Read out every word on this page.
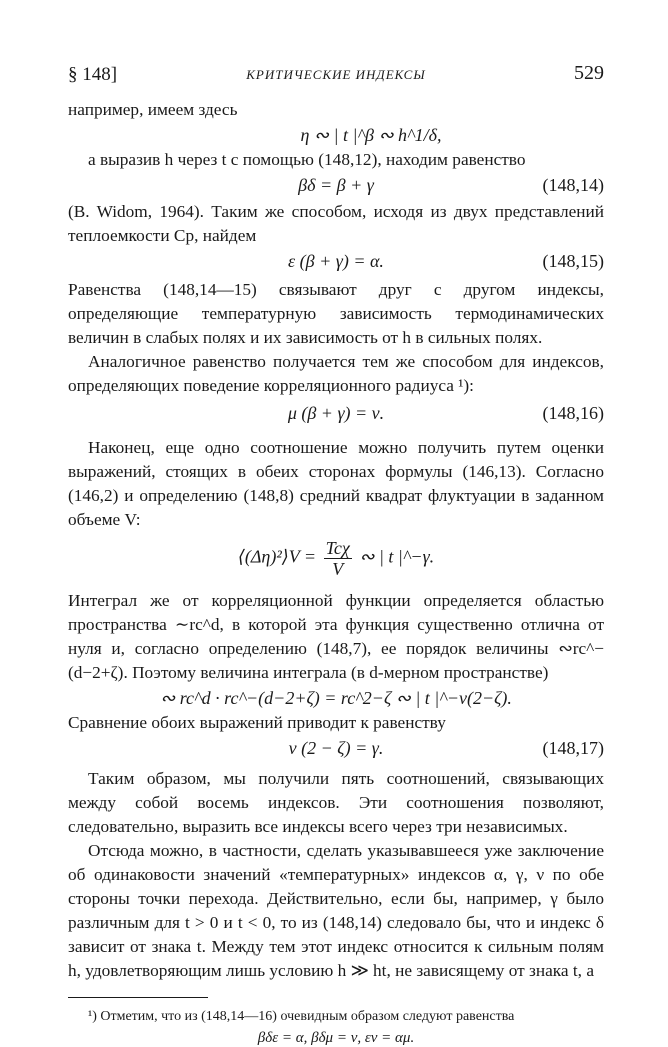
§ 148]	КРИТИЧЕСКИЕ ИНДЕКСЫ	529

например, имеем здесь

η ∾ | t |^β ∾ h^1/δ,

а выразив h через t с помощью (148,12), находим равенство

βδ = β + γ	(148,14)

(B. Widom, 1964). Таким же способом, исходя из двух представлений теплоемкости Cp, найдем

ε (β + γ) = α.	(148,15)

Равенства (148,14—15) связывают друг с другом индексы, определяющие температурную зависимость термодинамических величин в слабых полях и их зависимость от h в сильных полях.

Аналогичное равенство получается тем же способом для индексов, определяющих поведение корреляционного радиуса ¹):

μ (β + γ) = ν.	(148,16)

Наконец, еще одно соотношение можно получить путем оценки выражений, стоящих в обеих сторонах формулы (146,13). Согласно (146,2) и определению (148,8) средний квадрат флуктуации в заданном объеме V:

⟨(Δη)²⟩V = $\frac{\text{Tcχ}}{V}$ ∾ | t |^−γ.

Интеграл же от корреляционной функции определяется областью пространства ∼rc^d, в которой эта функция существенно отлична от нуля и, согласно определению (148,7), ее порядок величины ∾rc^−(d−2+ζ). Поэтому величина интеграла (в d-мерном пространстве)

∾ rc^d · rc^−(d−2+ζ) = rc^2−ζ ∾ | t |^−ν(2−ζ).

Сравнение обоих выражений приводит к равенству

ν (2 − ζ) = γ.	(148,17)

Таким образом, мы получили пять соотношений, связывающих между собой восемь индексов. Эти соотношения позволяют, следовательно, выразить все индексы всего через три независимых.

Отсюда можно, в частности, сделать указывавшееся уже заключение об одинаковости значений «температурных» индексов α, γ, ν по обе стороны точки перехода. Действительно, если бы, например, γ было различным для t > 0 и t < 0, то из (148,14) следовало бы, что и индекс δ зависит от знака t. Между тем этот индекс относится к сильным полям h, удовлетворяющим лишь условию h ≫ ht, не зависящему от знака t, а

¹) Отметим, что из (148,14—16) очевидным образом следуют равенства

βδε = α, βδμ = ν, εν = αμ.
